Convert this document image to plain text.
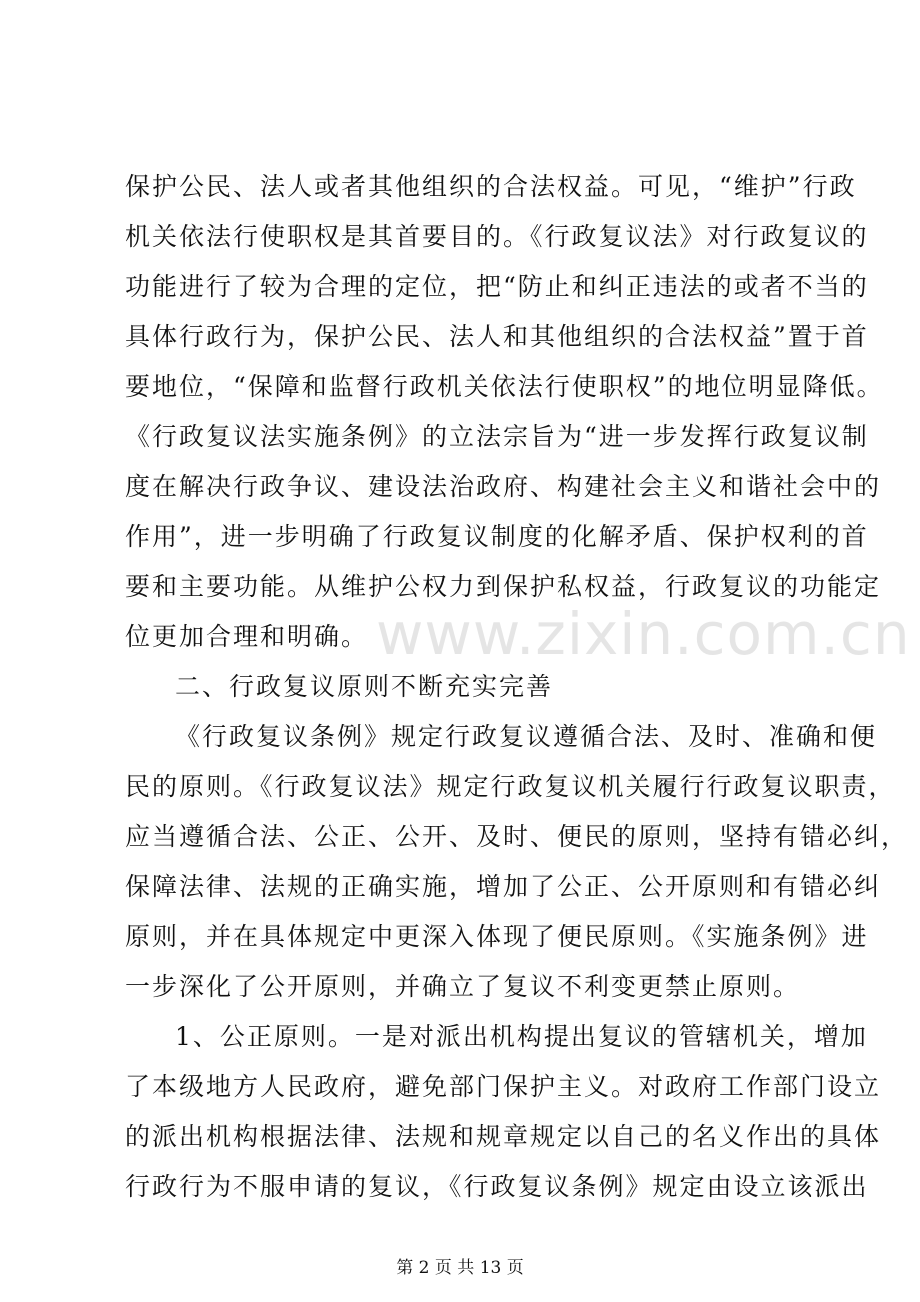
www.zixin.com.cn
保护公民、法人或者其他组织的合法权益。可见，“维护”行政
机关依法行使职权是其首要目的。《行政复议法》对行政复议的
功能进行了较为合理的定位，把“防止和纠正违法的或者不当的
具体行政行为，保护公民、法人和其他组织的合法权益”置于首
要地位，“保障和监督行政机关依法行使职权”的地位明显降低。
《行政复议法实施条例》的立法宗旨为“进一步发挥行政复议制
度在解决行政争议、建设法治政府、构建社会主义和谐社会中的
作用”，进一步明确了行政复议制度的化解矛盾、保护权利的首
要和主要功能。从维护公权力到保护私权益，行政复议的功能定
位更加合理和明确。
二、行政复议原则不断充实完善
《行政复议条例》规定行政复议遵循合法、及时、准确和便
民的原则。《行政复议法》规定行政复议机关履行行政复议职责，
应当遵循合法、公正、公开、及时、便民的原则，坚持有错必纠，
保障法律、法规的正确实施，增加了公正、公开原则和有错必纠
原则，并在具体规定中更深入体现了便民原则。《实施条例》进
一步深化了公开原则，并确立了复议不利变更禁止原则。
1、公正原则。一是对派出机构提出复议的管辖机关，增加
了本级地方人民政府，避免部门保护主义。对政府工作部门设立
的派出机构根据法律、法规和规章规定以自己的名义作出的具体
行政行为不服申请的复议，《行政复议条例》规定由设立该派出
第 2 页 共 13 页
